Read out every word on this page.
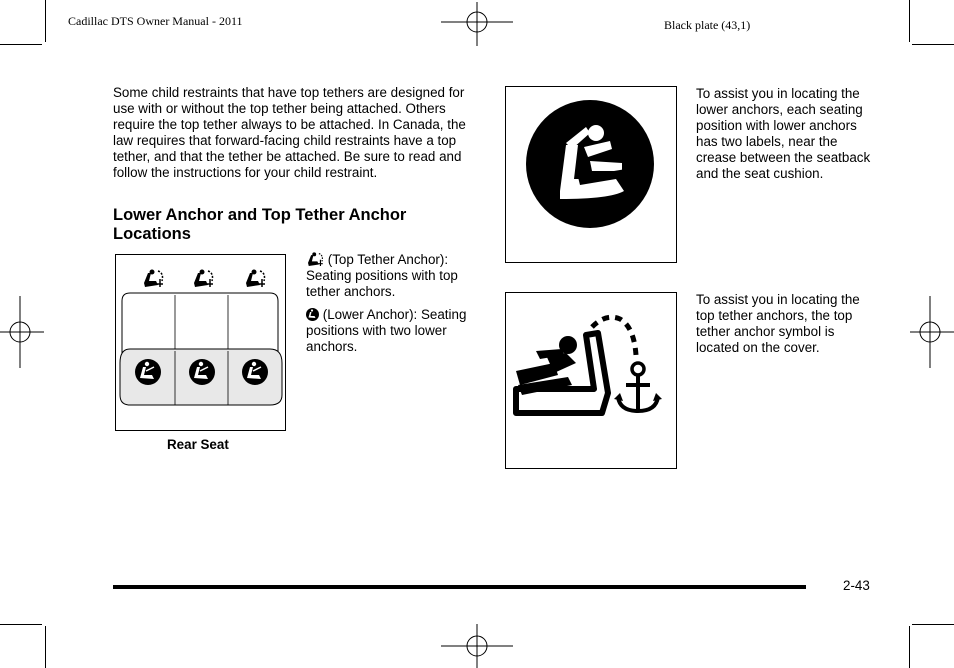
Cadillac DTS Owner Manual - 2011	Black plate (43,1)
Some child restraints that have top tethers are designed for use with or without the top tether being attached. Others require the top tether always to be attached. In Canada, the law requires that forward-facing child restraints have a top tether, and that the tether be attached. Be sure to read and follow the instructions for your child restraint.
Lower Anchor and Top Tether Anchor Locations
Rear Seat
(Top Tether Anchor): Seating positions with top tether anchors.
(Lower Anchor): Seating positions with two lower anchors.
To assist you in locating the lower anchors, each seating position with lower anchors has two labels, near the crease between the seatback and the seat cushion.
To assist you in locating the top tether anchors, the top tether anchor symbol is located on the cover.
2-43
